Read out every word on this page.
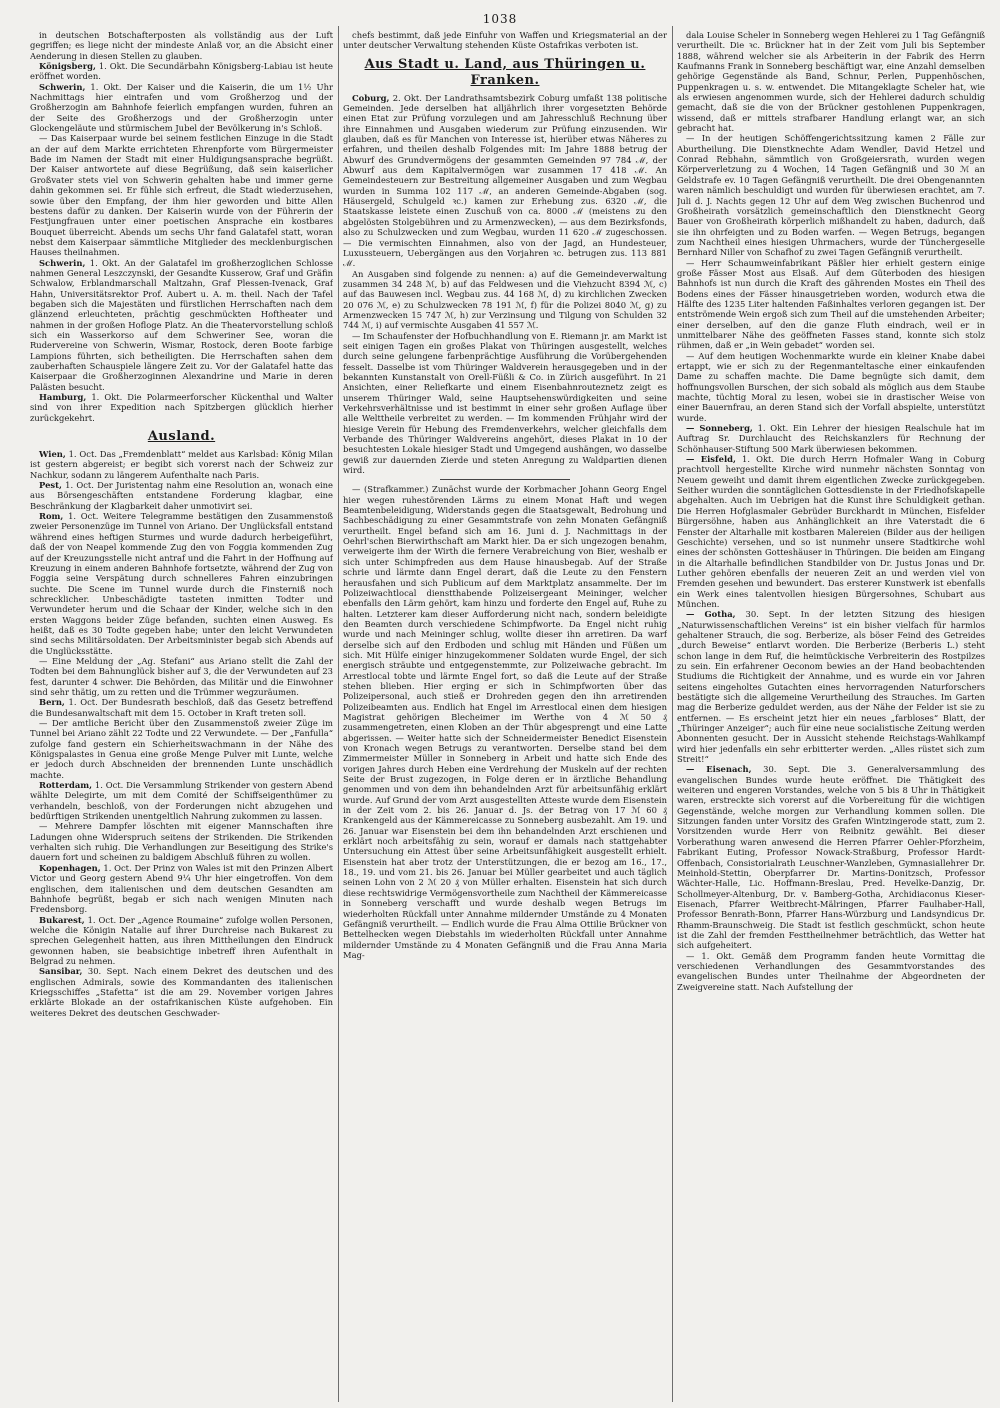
1038
in deutschen Botschafterposten als vollständig aus der Luft gegriffen; es liege nicht der mindeste Anlaß vor, an die Absicht einer Aenderung in diesen Stellen zu glauben.
Königsberg, 1. Okt. Die Secundärbahn Königsberg-Labiau ist heute eröffnet worden.
Schwerin, 1. Okt. Der Kaiser und die Kaiserin, die um 1½ Uhr Nachmittags hier eintrafen und vom Großherzog und der Großherzogin am Bahnhofe feierlich empfangen wurden, fuhren an der Seite des Großherzogs und der Großherzogin unter Glockengeläute und stürmischem Jubel der Bevölkerung in's Schloß.
— Das Kaiserpaar wurde bei seinem festlichen Einzuge in die Stadt an der auf dem Markte errichteten Ehrenpforte vom Bürgermeister Bade im Namen der Stadt mit einer Huldigungsansprache begrüßt. Der Kaiser antwortete auf diese Begrüßung, daß sein kaiserlicher Großvater stets viel von Schwerin gehalten habe und immer gerne dahin gekommen sei. Er fühle sich erfreut, die Stadt wiederzusehen, sowie über den Empfang, der ihm hier geworden und bitte Allen bestens dafür zu danken. Der Kaiserin wurde von der Führerin der Festjungfrauen unter einer poetischen Ansprache ein kostbares Bouquet überreicht. Abends um sechs Uhr fand Galatafel statt, woran nebst dem Kaiserpaar sämmtliche Mitglieder des mecklenburgischen Hauses theilnahmen.
Schwerin, 1. Okt. An der Galatafel im großherzoglichen Schlosse nahmen General Leszczynski, der Gesandte Kusserow, Graf und Gräfin Schwalow, Erblandmarschall Maltzahn, Graf Plessen-Ivenack, Graf Hahn, Universitätsrektor Prof. Aubert u. A. m. theil. Nach der Tafel begaben sich die Majestäten und fürstlichen Herrschaften nach dem glänzend erleuchteten, prächtig geschmückten Hoftheater und nahmen in der großen Hofloge Platz. An die Theatervorstellung schloß sich ein Wasserkorso auf dem Schweriner See, woran die Rudervereine von Schwerin, Wismar, Rostock, deren Boote farbige Lampions führten, sich betheiligten. Die Herrschaften sahen dem zauberhaften Schauspiele längere Zeit zu. Vor der Galatafel hatte das Kaiserpaar die Großherzoginnen Alexandrine und Marie in deren Palästen besucht.
Hamburg, 1. Okt. Die Polarmeerforscher Kückenthal und Walter sind von ihrer Expedition nach Spitzbergen glücklich hierher zurückgekehrt.
Ausland.
Wien, 1. Oct. Das „Fremdenblatt“ meldet aus Karlsbad: König Milan ist gestern abgereist; er begibt sich vorerst nach der Schweiz zur Nachkur, sodann zu längerem Aufenthalte nach Paris.
Pest, 1. Oct. Der Juristentag nahm eine Resolution an, wonach eine aus Börsengeschäften entstandene Forderung klagbar, eine Beschränkung der Klagbarkeit daher unmotivirt sei.
Rom, 1. Oct. Weitere Telegramme bestätigen den Zusammenstoß zweier Personenzüge im Tunnel von Ariano. Der Unglücksfall entstand während eines heftigen Sturmes und wurde dadurch herbeigeführt, daß der von Neapel kommende Zug den von Foggia kommenden Zug auf der Kreuzungsstelle nicht antraf und die Fahrt in der Hoffnung auf Kreuzung in einem anderen Bahnhofe fortsetzte, während der Zug von Foggia seine Verspätung durch schnelleres Fahren einzubringen suchte. Die Scene im Tunnel wurde durch die Finsterniß noch schrecklicher. Unbeschädigte tasteten inmitten Todter und Verwundeter herum und die Schaar der Kinder, welche sich in den ersten Waggons beider Züge befanden, suchten einen Ausweg. Es heißt, daß es 30 Todte gegeben habe; unter den leicht Verwundeten sind sechs Militärsoldaten. Der Arbeitsminister begab sich Abends auf die Unglücksstätte.
— Eine Meldung der „Ag. Stefani“ aus Ariano stellt die Zahl der Todten bei dem Bahnunglück bisher auf 3, die der Verwundeten auf 23 fest, darunter 4 schwer. Die Behörden, das Militär und die Einwohner sind sehr thätig, um zu retten und die Trümmer wegzuräumen.
Bern, 1. Oct. Der Bundesrath beschloß, daß das Gesetz betreffend die Bundesanwaltschaft mit dem 15. October in Kraft treten soll.
— Der amtliche Bericht über den Zusammenstoß zweier Züge im Tunnel bei Ariano zählt 22 Todte und 22 Verwundete. — Der „Fanfulla“ zufolge fand gestern ein Schierheitswachmann in der Nähe des Königspalastes in Genua eine große Menge Pulver mit Lunte, welche er jedoch durch Abschneiden der brennenden Lunte unschädlich machte.
Rotterdam, 1. Oct. Die Versammlung Strikender von gestern Abend wählte Delegirte, um mit dem Comité der Schiffseigenthümer zu verhandeln, beschloß, von der Forderungen nicht abzugehen und bedürftigen Strikenden unentgeltlich Nahrung zukommen zu lassen.
— Mehrere Dampfer löschten mit eigener Mannschaften ihre Ladungen ohne Widerspruch seitens der Strikenden. Die Strikenden verhalten sich ruhig. Die Verhandlungen zur Beseitigung des Strike's dauern fort und scheinen zu baldigem Abschluß führen zu wollen.
Kopenhagen, 1. Oct. Der Prinz von Wales ist mit den Prinzen Albert Victor und Georg gestern Abend 9¼ Uhr hier eingetroffen. Von dem englischen, dem italienischen und dem deutschen Gesandten am Bahnhofe begrüßt, begab er sich nach wenigen Minuten nach Fredensborg.
Bukarest, 1. Oct. Der „Agence Roumaine“ zufolge wollen Personen, welche die Königin Natalie auf ihrer Durchreise nach Bukarest zu sprechen Gelegenheit hatten, aus ihren Mittheilungen den Eindruck gewonnen haben, sie beabsichtige inbetreff ihren Aufenthalt in Belgrad zu nehmen.
Sansibar, 30. Sept. Nach einem Dekret des deutschen und des englischen Admirals, sowie des Kommandanten des italienischen Kriegsschiffes „Stafetta“ ist die am 29. November vorigen Jahres erklärte Blokade an der ostafrikanischen Küste aufgehoben. Ein weiteres Dekret des deutschen Geschwader-
chefs bestimmt, daß jede Einfuhr von Waffen und Kriegsmaterial an der unter deutscher Verwaltung stehenden Küste Ostafrikas verboten ist.
Aus Stadt u. Land, aus Thüringen u. Franken.
Coburg, 2. Okt. Der Landrathsamtsbezirk Coburg umfaßt 138 politische Gemeinden. Jede derselben hat alljährlich ihrer vorgesetzten Behörde einen Etat zur Prüfung vorzulegen und am Jahresschluß Rechnung über ihre Einnahmen und Ausgaben wiederum zur Prüfung einzusenden. Wir glauben, daß es für Manchen von Interesse ist, hierüber etwas Näheres zu erfahren, und theilen deshalb Folgendes mit: Im Jahre 1888 betrug der Abwurf des Grundvermögens der gesammten Gemeinden 97 784 ℳ, der Abwurf aus dem Kapitalvermögen war zusammen 17 418 ℳ. An Gemeindesteuern zur Bestreitung allgemeiner Ausgaben und zum Wegbau wurden in Summa 102 117 ℳ, an anderen Gemeinde-Abgaben (sog. Häusergeld, Schulgeld ꝛc.) kamen zur Erhebung zus. 6320 ℳ, die Staatskasse leistete einen Zuschuß von ca. 8000 ℳ (meistens zu den abgelösten Stolgebühren und zu Armenzwecken), — aus dem Bezirksfonds, also zu Schulzwecken und zum Wegbau, wurden 11 620 ℳ zugeschossen. — Die vermischten Einnahmen, also von der Jagd, an Hundesteuer, Luxussteuern, Uebergängen aus den Vorjahren ꝛc. betrugen zus. 113 881 ℳ.
An Ausgaben sind folgende zu nennen: a) auf die Gemeindeverwaltung zusammen 34 248 ℳ, b) auf das Feldwesen und die Viehzucht 8394 ℳ, c) auf das Bauwesen incl. Wegbau zus. 44 168 ℳ, d) zu kirchlichen Zwecken 20 076 ℳ, e) zu Schulzwecken 78 191 ℳ, f) für die Polizei 8040 ℳ, g) zu Armenzwecken 15 747 ℳ, h) zur Verzinsung und Tilgung von Schulden 32 744 ℳ, i) auf vermischte Ausgaben 41 557 ℳ.
— Im Schaufenster der Hofbuchhandlung von E. Riemann jr. am Markt ist seit einigen Tagen ein großes Plakat von Thüringen ausgestellt, welches durch seine gelungene farbenprächtige Ausführung die Vorübergehenden fesselt. Dasselbe ist vom Thüringer Waldverein herausgegeben und in der bekannten Kunstanstalt von Orell-Füßli & Co. in Zürich ausgeführt. In 21 Ansichten, einer Reliefkarte und einem Eisenbahnrouteznetz zeigt es unserem Thüringer Wald, seine Hauptsehenswürdigkeiten und seine Verkehrsverhältnisse und ist bestimmt in einer sehr großen Auflage über alle Welttheile verbreitet zu werden. — Im kommenden Frühjahr wird der hiesige Verein für Hebung des Fremdenverkehrs, welcher gleichfalls dem Verbande des Thüringer Waldvereins angehört, dieses Plakat in 10 der besuchtesten Lokale hiesiger Stadt und Umgegend aushängen, wo dasselbe gewiß zur dauernden Zierde und steten Anregung zu Waldpartien dienen wird.
— (Strafkammer.) Zunächst wurde der Korbmacher Johann Georg Engel hier wegen ruhestörenden Lärms zu einem Monat Haft und wegen Beamtenbeleidigung, Widerstands gegen die Staatsgewalt, Bedrohung und Sachbeschädigung zu einer Gesammtstrafe von zehn Monaten Gefängniß verurtheilt. Engel befand sich am 16. Juni d. J. Nachmittags in der Oehrl'schen Bierwirthschaft am Markt hier. Da er sich ungezogen benahm, verweigerte ihm der Wirth die fernere Verabreichung von Bier, weshalb er sich unter Schimpfreden aus dem Hause hinausbegab. Auf der Straße schrie und lärmte dann Engel derart, daß die Leute zu den Fenstern herausfahen und sich Publicum auf dem Marktplatz ansammelte. Der im Polizeiwachtlocal dienstthabende Polizeisergeant Meininger, welcher ebenfalls den Lärm gehört, kam hinzu und forderte den Engel auf, Ruhe zu halten. Letzterer kam dieser Aufforderung nicht nach, sondern beleidigte den Beamten durch verschiedene Schimpfworte. Da Engel nicht ruhig wurde und nach Meininger schlug, wollte dieser ihn arretiren. Da warf derselbe sich auf den Erdboden und schlug mit Händen und Füßen um sich. Mit Hülfe einiger hinzugekommener Soldaten wurde Engel, der sich energisch sträubte und entgegenstemmte, zur Polizeiwache gebracht. Im Arrestlocal tobte und lärmte Engel fort, so daß die Leute auf der Straße stehen blieben. Hier erging er sich in Schimpfworten über das Polizeipersonal, auch stieß er Drohreden gegen den ihn arretirenden Polizeibeamten aus. Endlich hat Engel im Arrestlocal einen dem hiesigen Magistrat gehörigen Blecheimer im Werthe von 4 ℳ 50 ₰ zusammengetreten, einen Kloben an der Thür abgesprengt und eine Latte abgerissen. — Weiter hatte sich der Schneidermeister Benedict Eisenstein von Kronach wegen Betrugs zu verantworten. Derselbe stand bei dem Zimmermeister Müller in Sonneberg in Arbeit und hatte sich Ende des vorigen Jahres durch Heben eine Verdrehung der Muskeln auf der rechten Seite der Brust zugezogen, in Folge deren er in ärztliche Behandlung genommen und von dem ihn behandelnden Arzt für arbeitsunfähig erklärt wurde. Auf Grund der vom Arzt ausgestellten Atteste wurde dem Eisenstein in der Zeit vom 2. bis 26. Januar d. Js. der Betrag von 17 ℳ 60 ₰ Krankengeld aus der Kämmereicasse zu Sonneberg ausbezahlt. Am 19. und 26. Januar war Eisenstein bei dem ihn behandelnden Arzt erschienen und erklärt noch arbeitsfähig zu sein, worauf er damals nach stattgehabter Untersuchung ein Attest über seine Arbeitsunfähigkeit ausgestellt erhielt. Eisenstein hat aber trotz der Unterstützungen, die er bezog am 16., 17., 18., 19. und vom 21. bis 26. Januar bei Müller gearbeitet und auch täglich seinen Lohn von 2 ℳ 20 ₰ von Müller erhalten. Eisenstein hat sich durch diese rechtswidrige Vermögensvortheile zum Nachtheil der Kämmereicasse in Sonneberg verschafft und wurde deshalb wegen Betrugs im wiederholten Rückfall unter Annahme mildernder Umstände zu 4 Monaten Gefängniß verurtheilt. — Endlich wurde die Frau Alma Ottilie Brückner von Bettelhecken wegen Diebstahls im wiederholten Rückfall unter Annahme mildernder Umstände zu 4 Monaten Gefängniß und die Frau Anna Maria Mag-
dala Louise Scheler in Sonneberg wegen Hehlerei zu 1 Tag Gefängniß verurtheilt. Die ꝛc. Brückner hat in der Zeit vom Juli bis September 1888, während welcher sie als Arbeiterin in der Fabrik des Herrn Kaufmanns Frank in Sonneberg beschäftigt war, eine Anzahl demselben gehörige Gegenstände als Band, Schnur, Perlen, Puppenhöschen, Puppenkragen u. s. w. entwendet. Die Mitangeklagte Scheler hat, wie als erwiesen angenommen wurde, sich der Hehlerei dadurch schuldig gemacht, daß sie die von der Brückner gestohlenen Puppenkragen, wissend, daß er mittels strafbarer Handlung erlangt war, an sich gebracht hat.
— In der heutigen Schöffengerichtssitzung kamen 2 Fälle zur Aburtheilung. Die Dienstknechte Adam Wendler, David Hetzel und Conrad Rebhahn, sämmtlich von Großgeiersrath, wurden wegen Körperverletzung zu 4 Wochen, 14 Tagen Gefängniß und 30 ℳ an Geldstrafe ev. 10 Tagen Gefängniß verurtheilt. Die drei Obengenannten waren nämlich beschuldigt und wurden für überwiesen erachtet, am 7. Juli d. J. Nachts gegen 12 Uhr auf dem Weg zwischen Buchenrod und Großheirath vorsätzlich gemeinschaftlich den Dienstknecht Georg Bauer von Großheirath körperlich mißhandelt zu haben, dadurch, daß sie ihn ohrfeigten und zu Boden warfen. — Wegen Betrugs, begangen zum Nachtheil eines hiesigen Uhrmachers, wurde der Tünchergeselle Bernhard Niller von Schafhof zu zwei Tagen Gefängniß verurtheilt.
— Herr Schaumweinfabrikant Päßler hier erhielt gestern einige große Fässer Most aus Elsaß. Auf dem Güterboden des hiesigen Bahnhofs ist nun durch die Kraft des gährenden Mostes ein Theil des Bodens eines der Fässer hinausgetrieben worden, wodurch etwa die Hälfte des 1235 Liter haltenden Faßinhaltes verloren gegangen ist. Der entströmende Wein ergoß sich zum Theil auf die umstehenden Arbeiter; einer derselben, auf den die ganze Fluth eindrach, weil er in unmittelbarer Nähe des geöffneten Fasses stand, konnte sich stolz rühmen, daß er „in Wein gebadet“ worden sei.
— Auf dem heutigen Wochenmarkte wurde ein kleiner Knabe dabei ertappt, wie er sich zu der Regenmanteltasche einer einkaufenden Dame zu schaffen machte. Die Dame begnügte sich damit, dem hoffnungsvollen Burschen, der sich sobald als möglich aus dem Staube machte, tüchtig Moral zu lesen, wobei sie in drastischer Weise von einer Bauernfrau, an deren Stand sich der Vorfall abspielte, unterstützt wurde.
— Sonneberg, 1. Okt. Ein Lehrer der hiesigen Realschule hat im Auftrag Sr. Durchlaucht des Reichskanzlers für Rechnung der Schönhauser-Stiftung 500 Mark überwiesen bekommen.
— Eisfeld, 1. Okt. Die durch Herrn Hofmaler Wang in Coburg prachtvoll hergestellte Kirche wird nunmehr nächsten Sonntag von Neuem geweiht und damit ihrem eigentlichen Zwecke zurückgegeben. Seither wurden die sonntäglichen Gottesdienste in der Friedhofskapelle abgehalten. Auch im Uebrigen hat die Kunst ihre Schuldigkeit gethan. Die Herren Hofglasmaler Gebrüder Burckhardt in München, Eisfelder Bürgersöhne, haben aus Anhänglichkeit an ihre Vaterstadt die 6 Fenster der Altarhalle mit kostbaren Malereien (Bilder aus der heiligen Geschichte) versehen, und so ist nunmehr unsere Stadtkirche wohl eines der schönsten Gotteshäuser in Thüringen. Die beiden am Eingang in die Altarhalle befindlichen Standbilder von Dr. Justus Jonas und Dr. Luther gehören ebenfalls der neueren Zeit an und werden viel von Fremden gesehen und bewundert. Das ersterer Kunstwerk ist ebenfalls ein Werk eines talentvollen hiesigen Bürgersohnes, Schubart aus München.
— Gotha, 30. Sept. In der letzten Sitzung des hiesigen „Naturwissenschaftlichen Vereins“ ist ein bisher vielfach für harmlos gehaltener Strauch, die sog. Berberize, als böser Feind des Getreides „durch Beweise“ entlarvt worden. Die Berberize (Berberis L.) steht schon lange in dem Ruf, die heimtückische Verbreiterin des Rostpilzes zu sein. Ein erfahrener Oeconom bewies an der Hand beobachtenden Studiums die Richtigkeit der Annahme, und es wurde ein vor Jahren seitens eingeholtes Gutachten eines hervorragenden Naturforschers bestätigte sich die allgemeine Verurtheilung des Strauches. Im Garten mag die Berberize geduldet werden, aus der Nähe der Felder ist sie zu entfernen. — Es erscheint jetzt hier ein neues „farbloses“ Blatt, der „Thüringer Anzeiger“; auch für eine neue socialistische Zeitung werden Abonnenten gesucht. Der in Aussicht stehende Reichstags-Wahlkampf wird hier jedenfalls ein sehr erbitterter werden. „Alles rüstet sich zum Streit!“
— Eisenach, 30. Sept. Die 3. Generalversammlung des evangelischen Bundes wurde heute eröffnet. Die Thätigkeit des weiteren und engeren Vorstandes, welche von 5 bis 8 Uhr in Thätigkeit waren, erstreckte sich vorerst auf die Vorbereitung für die wichtigen Gegenstände, welche morgen zur Verhandlung kommen sollen. Die Sitzungen fanden unter Vorsitz des Grafen Wintzingerode statt, zum 2. Vorsitzenden wurde Herr von Reibnitz gewählt. Bei dieser Vorberathung waren anwesend die Herren Pfarrer Oehler-Pforzheim, Fabrikant Euting, Professor Nowack-Straßburg, Professor Hardt-Offenbach, Consistorialrath Leuschner-Wanzleben, Gymnasiallehrer Dr. Meinhold-Stettin, Oberpfarrer Dr. Martins-Donitzsch, Professor Wächter-Halle, Lic. Hoffmann-Breslau, Pred. Hevelke-Danzig, Dr. Schollmeyer-Altenburg, Dr. v. Bamberg-Gotha, Archidiaconus Kieser-Eisenach, Pfarrer Weitbrecht-Mälringen, Pfarrer Faulhaber-Hall, Professor Benrath-Bonn, Pfarrer Hans-Würzburg und Landsyndicus Dr. Rhamm-Braunschweig. Die Stadt ist festlich geschmückt, schon heute ist die Zahl der fremden Festtheilnehmer beträchtlich, das Wetter hat sich aufgeheitert.
— 1. Okt. Gemäß dem Programm fanden heute Vormittag die verschiedenen Verhandlungen des Gesammtvorstandes des evangelischen Bundes unter Theilnahme der Abgeordneten der Zweigvereine statt. Nach Aufstellung der
